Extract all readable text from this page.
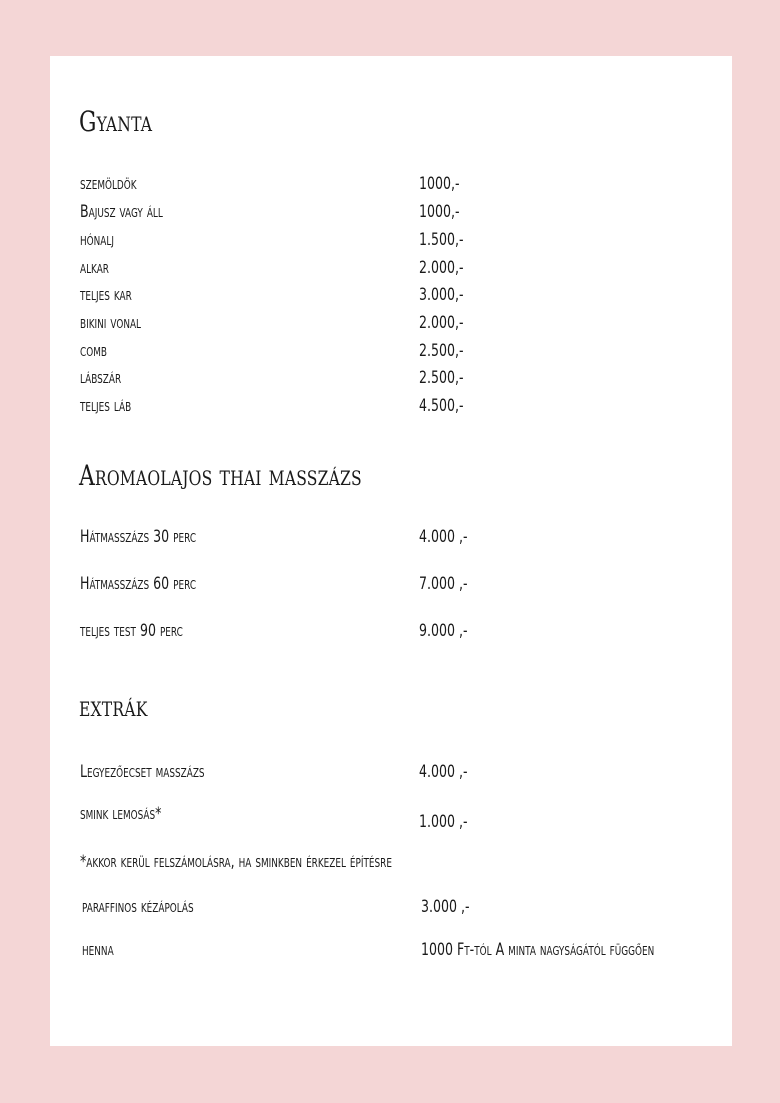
Gyanta
szemöldök	1000,-
Bajusz vagy áll	1000,-
hónalj	1.500,-
alkar	2.000,-
teljes kar	3.000,-
bikini vonal	2.000,-
comb	2.500,-
lábszár	2.500,-
teljes láb	4.500,-
Aromaolajos thai masszázs
Hátmasszázs 30 perc	4.000 ,-
Hátmasszázs 60 perc	7.000 ,-
teljes test 90 perc	9.000 ,-
extrák
Legyezőecset masszázs	4.000 ,-
smink lemosás*	1.000 ,-
*akkor kerül felszámolásra, ha sminkben érkezel építésre
paraffinos kézápolás	3.000 ,-
henna	1000 Ft-tól A minta nagyságától függően
